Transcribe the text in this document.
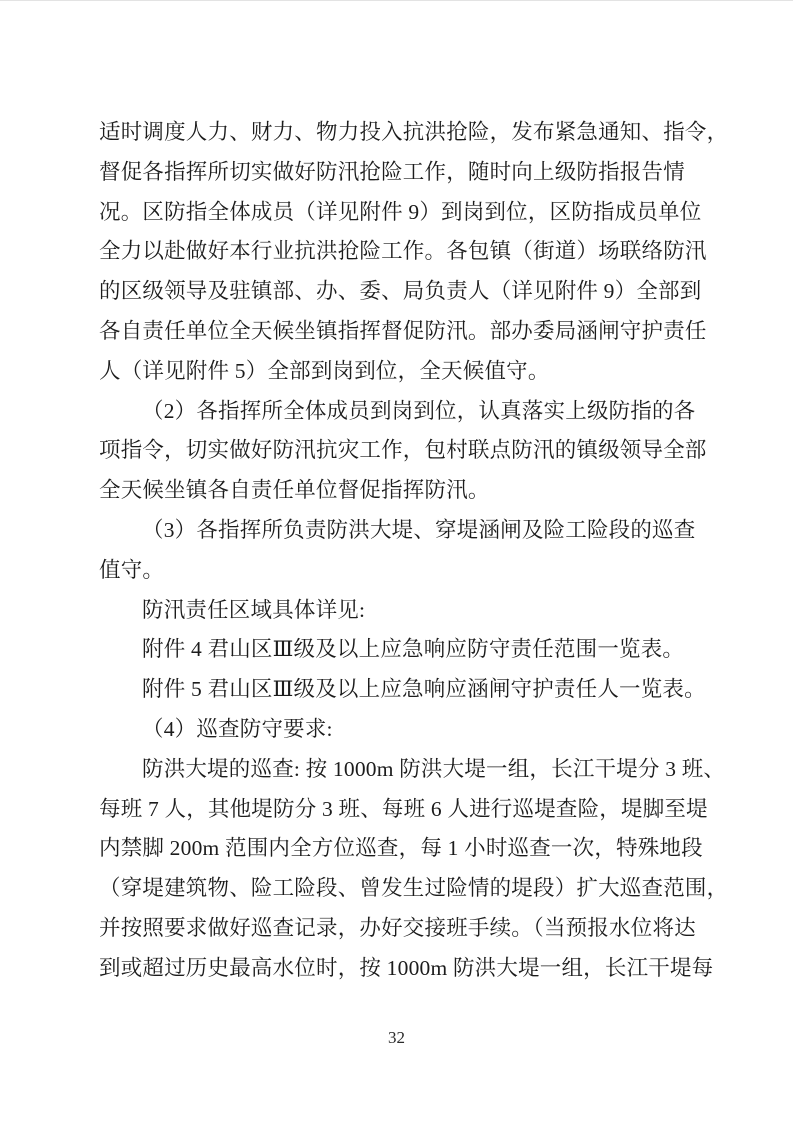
适时调度人力、财力、物力投入抗洪抢险，发布紧急通知、指令，
督促各指挥所切实做好防汛抢险工作，随时向上级防指报告情
况。区防指全体成员（详见附件 9）到岗到位，区防指成员单位
全力以赴做好本行业抗洪抢险工作。各包镇（街道）场联络防汛
的区级领导及驻镇部、办、委、局负责人（详见附件 9）全部到
各自责任单位全天候坐镇指挥督促防汛。部办委局涵闸守护责任
人（详见附件 5）全部到岗到位，全天候值守。
（2）各指挥所全体成员到岗到位，认真落实上级防指的各
项指令，切实做好防汛抗灾工作，包村联点防汛的镇级领导全部
全天候坐镇各自责任单位督促指挥防汛。
（3）各指挥所负责防洪大堤、穿堤涵闸及险工险段的巡查
值守。
防汛责任区域具体详见:
附件 4 君山区Ⅲ级及以上应急响应防守责任范围一览表。
附件 5 君山区Ⅲ级及以上应急响应涵闸守护责任人一览表。
（4）巡查防守要求:
防洪大堤的巡查: 按 1000m 防洪大堤一组，长江干堤分 3 班、
每班 7 人，其他堤防分 3 班、每班 6 人进行巡堤查险，堤脚至堤
内禁脚 200m 范围内全方位巡查，每 1 小时巡查一次，特殊地段
（穿堤建筑物、险工险段、曾发生过险情的堤段）扩大巡查范围，
并按照要求做好巡查记录，办好交接班手续。（当预报水位将达
到或超过历史最高水位时，按 1000m 防洪大堤一组，长江干堤每
32
